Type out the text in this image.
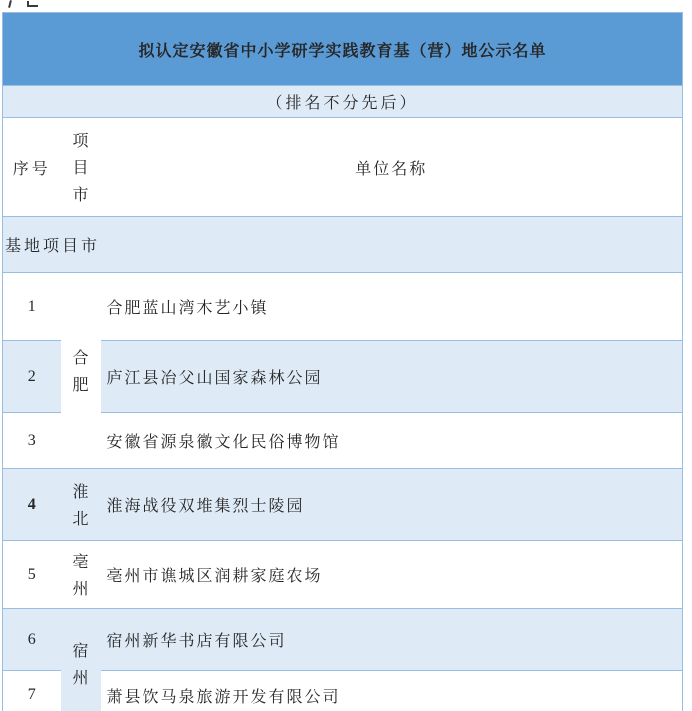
拟认定安徽省中小学研学实践教育基（营）地公示名单		
（排名不分先后）		
序号	项目市	单位名称
基地项目市		
1	合肥	合肥蓝山湾木艺小镇
2		庐江县冶父山国家森林公园
3		安徽省源泉徽文化民俗博物馆
4	淮北	淮海战役双堆集烈士陵园
5	亳州	亳州市谯城区润耕家庭农场
6	宿州	宿州新华书店有限公司
7		萧县饮马泉旅游开发有限公司
